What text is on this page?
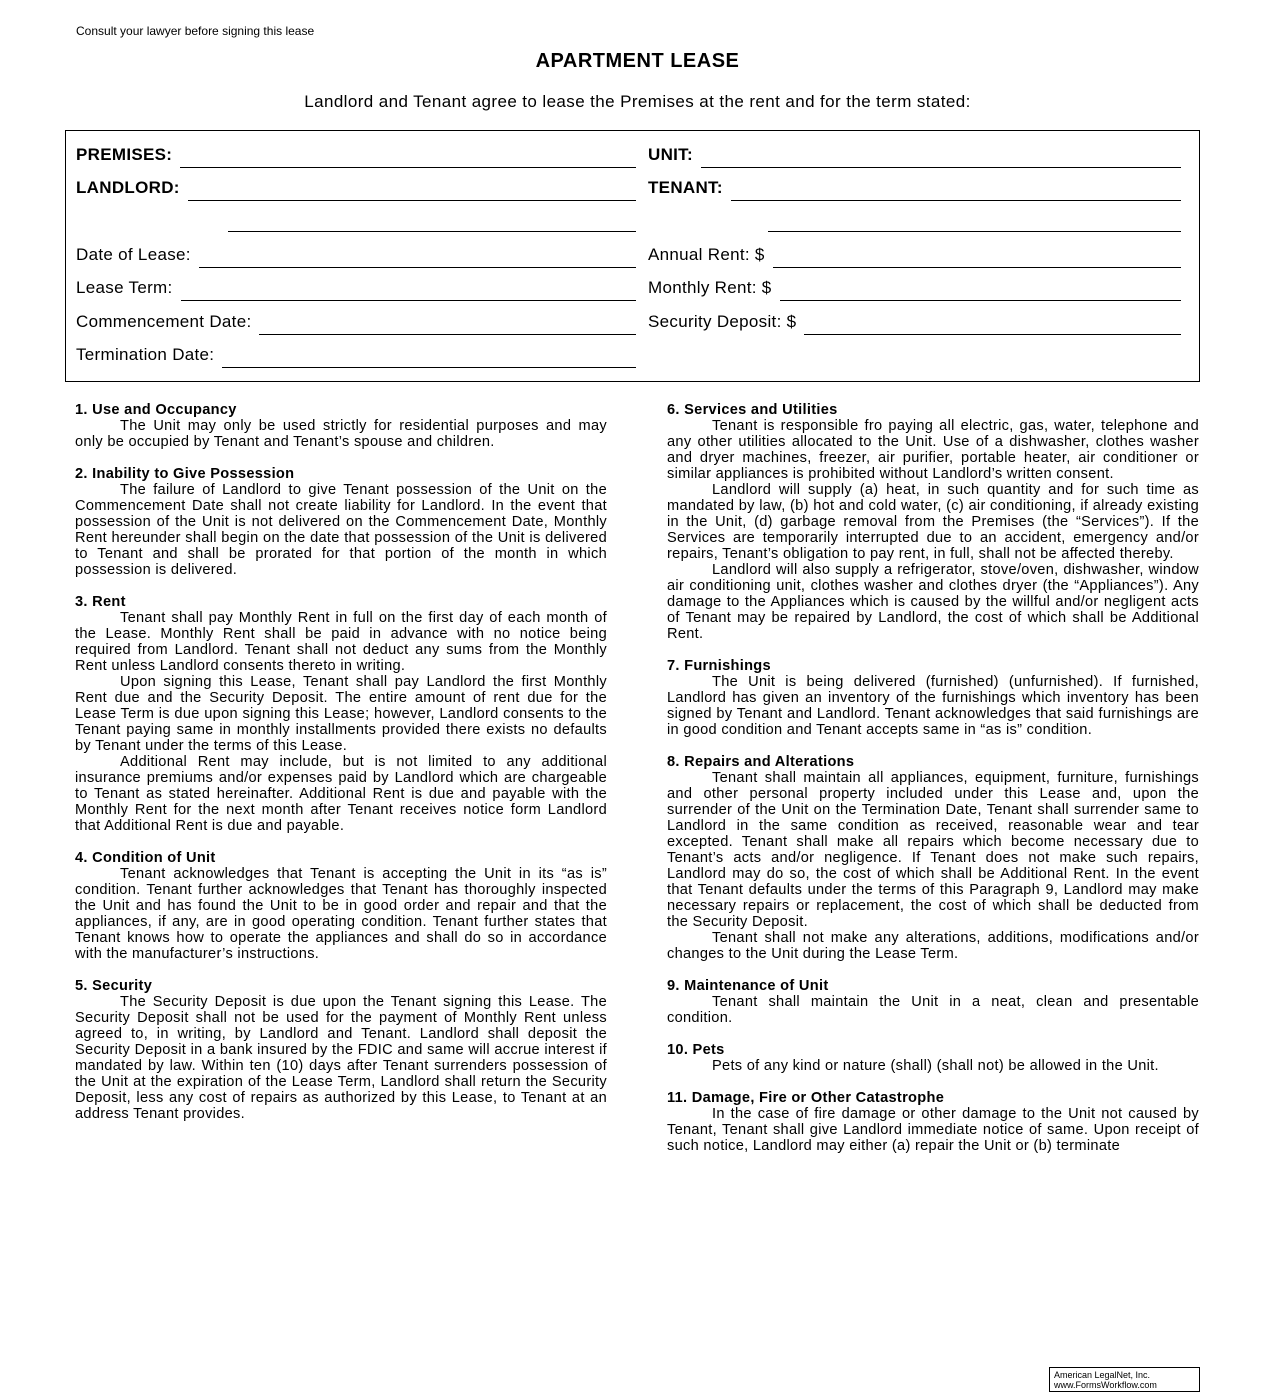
Consult your lawyer before signing this lease
APARTMENT LEASE
Landlord and Tenant agree to lease the Premises at the rent and for the term stated:
PREMISES:	UNIT:
LANDLORD:	TENANT:
Date of Lease:	Annual Rent: $
Lease Term:	Monthly Rent: $
Commencement Date:	Security Deposit: $
Termination Date:
1. Use and Occupancy

The Unit may only be used strictly for residential purposes and may only be occupied by Tenant and Tenant’s spouse and children.

2. Inability to Give Possession

The failure of Landlord to give Tenant possession of the Unit on the Commencement Date shall not create liability for Landlord. In the event that possession of the Unit is not delivered on the Commencement Date, Monthly Rent hereunder shall begin on the date that possession of the Unit is delivered to Tenant and shall be prorated for that portion of the month in which possession is delivered.

3. Rent

Tenant shall pay Monthly Rent in full on the first day of each month of the Lease. Monthly Rent shall be paid in advance with no notice being required from Landlord. Tenant shall not deduct any sums from the Monthly Rent unless Landlord consents thereto in writing.

Upon signing this Lease, Tenant shall pay Landlord the first Monthly Rent due and the Security Deposit. The entire amount of rent due for the Lease Term is due upon signing this Lease; however, Landlord consents to the Tenant paying same in monthly installments provided there exists no defaults by Tenant under the terms of this Lease.

Additional Rent may include, but is not limited to any additional insurance premiums and/or expenses paid by Landlord which are chargeable to Tenant as stated hereinafter. Additional Rent is due and payable with the Monthly Rent for the next month after Tenant receives notice form Landlord that Additional Rent is due and payable.

4. Condition of Unit

Tenant acknowledges that Tenant is accepting the Unit in its “as is” condition. Tenant further acknowledges that Tenant has thoroughly inspected the Unit and has found the Unit to be in good order and repair and that the appliances, if any, are in good operating condition. Tenant further states that Tenant knows how to operate the appliances and shall do so in accordance with the manufacturer’s instructions.

5. Security

The Security Deposit is due upon the Tenant signing this Lease. The Security Deposit shall not be used for the payment of Monthly Rent unless agreed to, in writing, by Landlord and Tenant. Landlord shall deposit the Security Deposit in a bank insured by the FDIC and same will accrue interest if mandated by law. Within ten (10) days after Tenant surrenders possession of the Unit at the expiration of the Lease Term, Landlord shall return the Security Deposit, less any cost of repairs as authorized by this Lease, to Tenant at an address Tenant provides.

6. Services and Utilities

Tenant is responsible fro paying all electric, gas, water, telephone and any other utilities allocated to the Unit. Use of a dishwasher, clothes washer and dryer machines, freezer, air purifier, portable heater, air conditioner or similar appliances is prohibited without Landlord’s written consent.

Landlord will supply (a) heat, in such quantity and for such time as mandated by law, (b) hot and cold water, (c) air conditioning, if already existing in the Unit, (d) garbage removal from the Premises (the “Services”). If the Services are temporarily interrupted due to an accident, emergency and/or repairs, Tenant’s obligation to pay rent, in full, shall not be affected thereby.

Landlord will also supply a refrigerator, stove/oven, dishwasher, window air conditioning unit, clothes washer and clothes dryer (the “Appliances”). Any damage to the Appliances which is caused by the willful and/or negligent acts of Tenant may be repaired by Landlord, the cost of which shall be Additional Rent.

7. Furnishings

The Unit is being delivered (furnished) (unfurnished). If furnished, Landlord has given an inventory of the furnishings which inventory has been signed by Tenant and Landlord. Tenant acknowledges that said furnishings are in good condition and Tenant accepts same in “as is” condition.

8. Repairs and Alterations

Tenant shall maintain all appliances, equipment, furniture, furnishings and other personal property included under this Lease and, upon the surrender of the Unit on the Termination Date, Tenant shall surrender same to Landlord in the same condition as received, reasonable wear and tear excepted. Tenant shall make all repairs which become necessary due to Tenant’s acts and/or negligence. If Tenant does not make such repairs, Landlord may do so, the cost of which shall be Additional Rent. In the event that Tenant defaults under the terms of this Paragraph 9, Landlord may make necessary repairs or replacement, the cost of which shall be deducted from the Security Deposit.

Tenant shall not make any alterations, additions, modifications and/or changes to the Unit during the Lease Term.

9. Maintenance of Unit

Tenant shall maintain the Unit in a neat, clean and presentable condition.

10. Pets

Pets of any kind or nature (shall) (shall not) be allowed in the Unit.

11. Damage, Fire or Other Catastrophe

In the case of fire damage or other damage to the Unit not caused by Tenant, Tenant shall give Landlord immediate notice of same. Upon receipt of such notice, Landlord may either (a) repair the Unit or (b) terminate

American LegalNet, Inc.
www.FormsWorkflow.com
